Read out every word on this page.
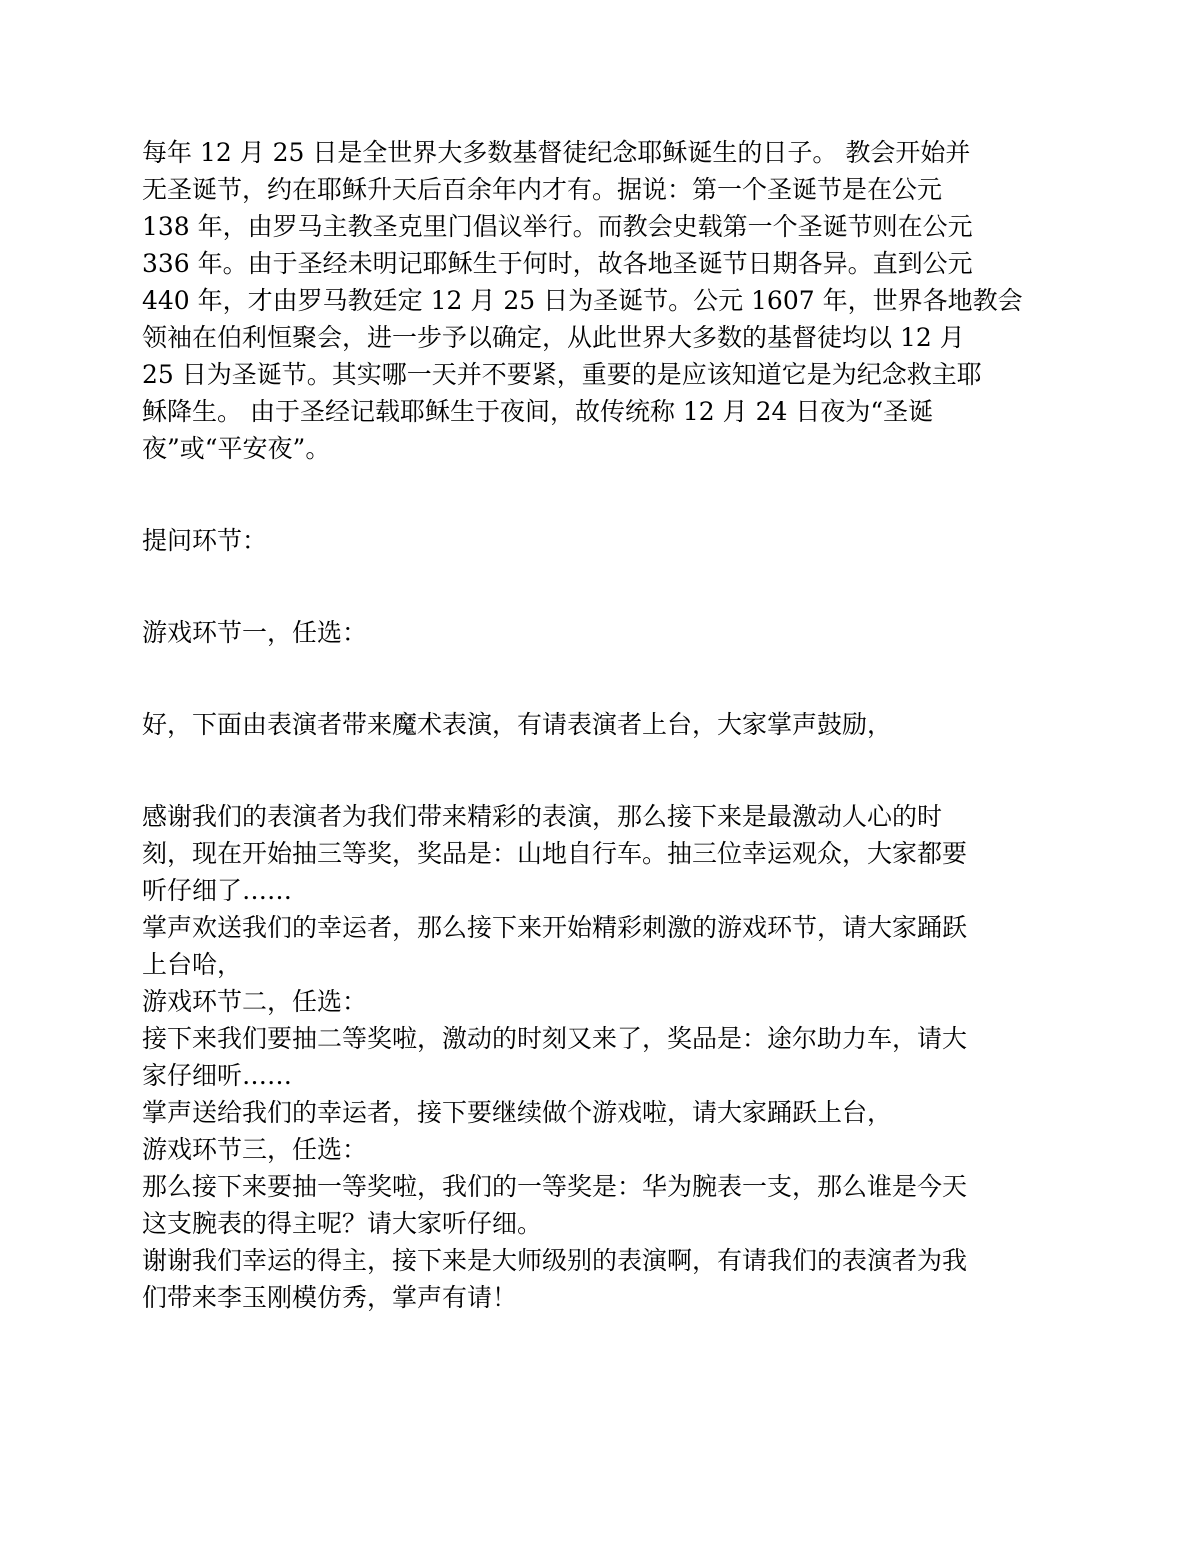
每年 12 月 25 日是全世界大多数基督徒纪念耶稣诞生的日子。 教会开始并
无圣诞节，约在耶稣升天后百余年内才有。据说：第一个圣诞节是在公元
138 年，由罗马主教圣克里门倡议举行。而教会史载第一个圣诞节则在公元
336 年。由于圣经未明记耶稣生于何时，故各地圣诞节日期各异。直到公元
440 年，才由罗马教廷定 12 月 25 日为圣诞节。公元 1607 年，世界各地教会
领袖在伯利恒聚会，进一步予以确定，从此世界大多数的基督徒均以 12 月
25 日为圣诞节。其实哪一天并不要紧，重要的是应该知道它是为纪念救主耶
稣降生。 由于圣经记载耶稣生于夜间，故传统称 12 月 24 日夜为“圣诞
夜”或“平安夜”。
提问环节：
游戏环节一，任选：
好，下面由表演者带来魔术表演，有请表演者上台，大家掌声鼓励，
感谢我们的表演者为我们带来精彩的表演，那么接下来是最激动人心的时
刻，现在开始抽三等奖，奖品是：山地自行车。抽三位幸运观众，大家都要
听仔细了……
掌声欢送我们的幸运者，那么接下来开始精彩刺激的游戏环节，请大家踊跃
上台哈，
游戏环节二，任选：
接下来我们要抽二等奖啦，激动的时刻又来了，奖品是：途尔助力车，请大
家仔细听……
掌声送给我们的幸运者，接下要继续做个游戏啦，请大家踊跃上台，
游戏环节三，任选：
那么接下来要抽一等奖啦，我们的一等奖是：华为腕表一支，那么谁是今天
这支腕表的得主呢？请大家听仔细。
谢谢我们幸运的得主，接下来是大师级别的表演啊，有请我们的表演者为我
们带来李玉刚模仿秀，掌声有请！
